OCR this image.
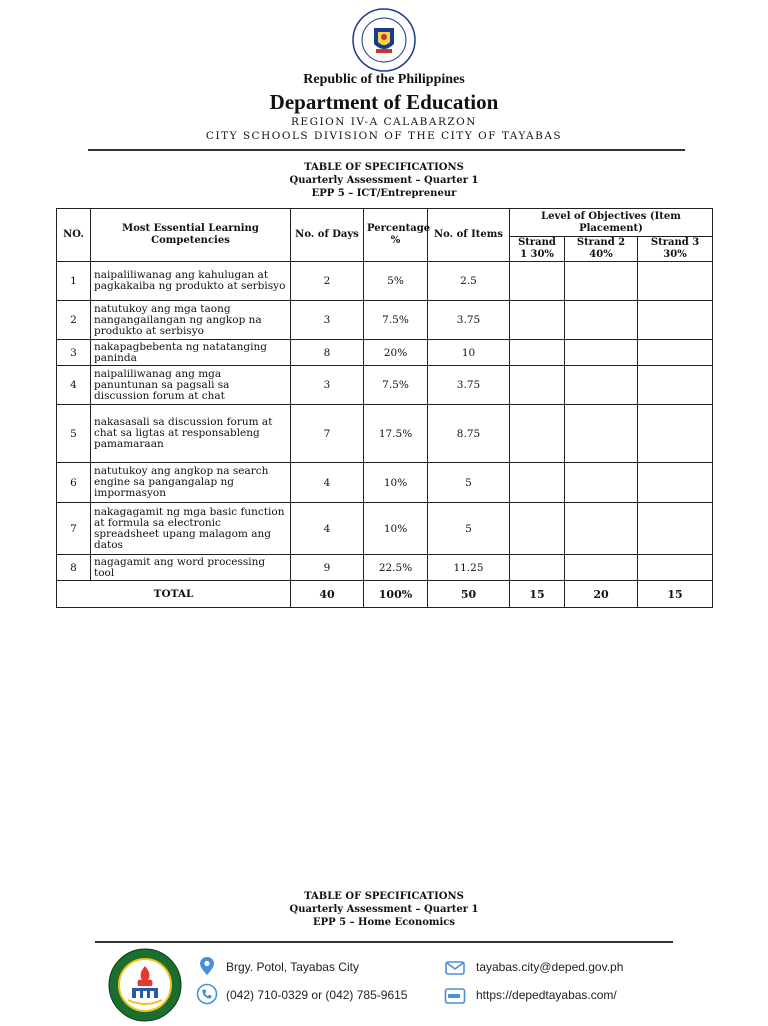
Republic of the Philippines
Department of Education
REGION IV-A CALABARZON
CITY SCHOOLS DIVISION OF THE CITY OF TAYABAS
TABLE OF SPECIFICATIONS
Quarterly Assessment – Quarter 1
EPP 5 – ICT/Entrepreneur
NO.	Most Essential Learning Competencies	No. of Days	Percentage %	No. of Items	Level of Objectives (Item Placement)		
					Strand 1 30%	Strand 2 40%	Strand 3 30%
1	naipaliliwanag ang kahulugan at pagkakaiba ng produkto at serbisyo	2	5%	2.5			
2	natutukoy ang mga taong nangangailangan ng angkop na produkto at serbisyo	3	7.5%	3.75			
3	nakapagbebenta ng natatanging paninda	8	20%	10			
4	naipaliliwanag ang mga panuntunan sa pagsali sa discussion forum at chat	3	7.5%	3.75			
5	nakasasali sa discussion forum at chat sa ligtas at responsableng pamamaraan	7	17.5%	8.75			
6	natutukoy ang angkop na search engine sa pangangalap ng impormasyon	4	10%	5			
7	nakagagamit ng mga basic function at formula sa electronic spreadsheet upang malagom ang datos	4	10%	5			
8	nagagamit ang word processing tool	9	22.5%	11.25			
TOTAL		40	100%	50	15	20	15
TABLE OF SPECIFICATIONS
Quarterly Assessment – Quarter 1
EPP 5 – Home Economics
Brgy. Potol, Tayabas City
(042) 710-0329 or (042) 785-9615
tayabas.city@deped.gov.ph
https://depedtayabas.com/
